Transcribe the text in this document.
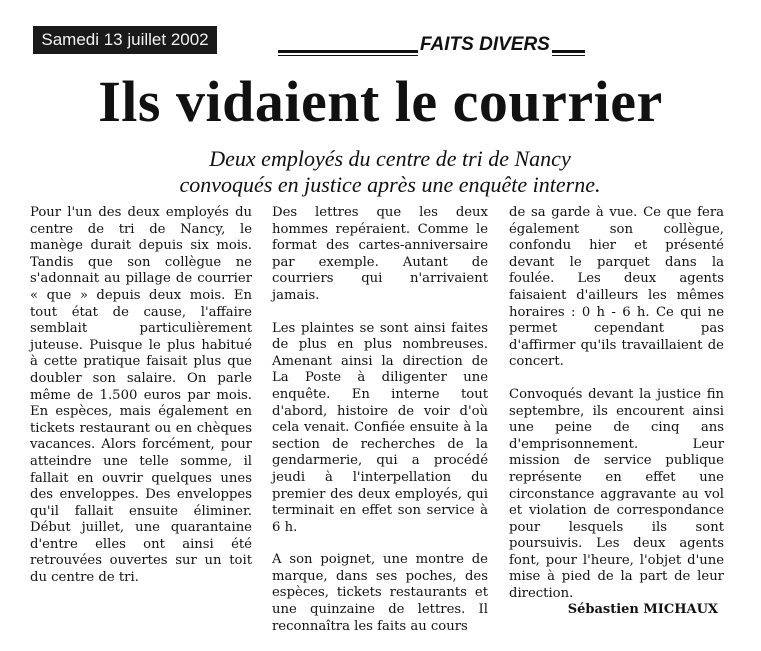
Samedi 13 juillet 2002	FAITS DIVERS
Ils vidaient le courrier
Deux employés du centre de tri de Nancy
convoqués en justice après une enquête interne.

Pour l'un des deux employés du centre de tri de Nancy, le manège durait depuis six mois. Tandis que son collègue ne s'adonnait au pillage de courrier « que » depuis deux mois. En tout état de cause, l'affaire semblait particulièrement juteuse. Puisque le plus habitué à cette pratique faisait plus que doubler son salaire. On parle même de 1.500 euros par mois. En espèces, mais également en tickets restaurant ou en chèques vacances. Alors forcément, pour atteindre une telle somme, il fallait en ouvrir quelques unes des enveloppes. Des enveloppes qu'il fallait ensuite éliminer. Début juillet, une quarantaine d'entre elles ont ainsi été retrouvées ouvertes sur un toit du centre de tri.

Des lettres que les deux hommes repéraient. Comme le format des cartes-anniversaire par exemple. Autant de courriers qui n'arrivaient jamais.

Les plaintes se sont ainsi faites de plus en plus nombreuses. Amenant ainsi la direction de La Poste à diligenter une enquête. En interne tout d'abord, histoire de voir d'où cela venait. Confiée ensuite à la section de recherches de la gendarmerie, qui a procédé jeudi à l'interpellation du premier des deux employés, qui terminait en effet son service à 6 h.

A son poignet, une montre de marque, dans ses poches, des espèces, tickets restaurants et une quinzaine de lettres. Il reconnaîtra les faits au cours

de sa garde à vue. Ce que fera également son collègue, confondu hier et présenté devant le parquet dans la foulée. Les deux agents faisaient d'ailleurs les mêmes horaires : 0 h - 6 h. Ce qui ne permet cependant pas d'affirmer qu'ils travaillaient de concert.

Convoqués devant la justice fin septembre, ils encourent ainsi une peine de cinq ans d'emprisonnement. Leur mission de service publique représente en effet une circonstance aggravante au vol et violation de correspondance pour lesquels ils sont poursuivis. Les deux agents font, pour l'heure, l'objet d'une mise à pied de la part de leur direction.

Sébastien MICHAUX
